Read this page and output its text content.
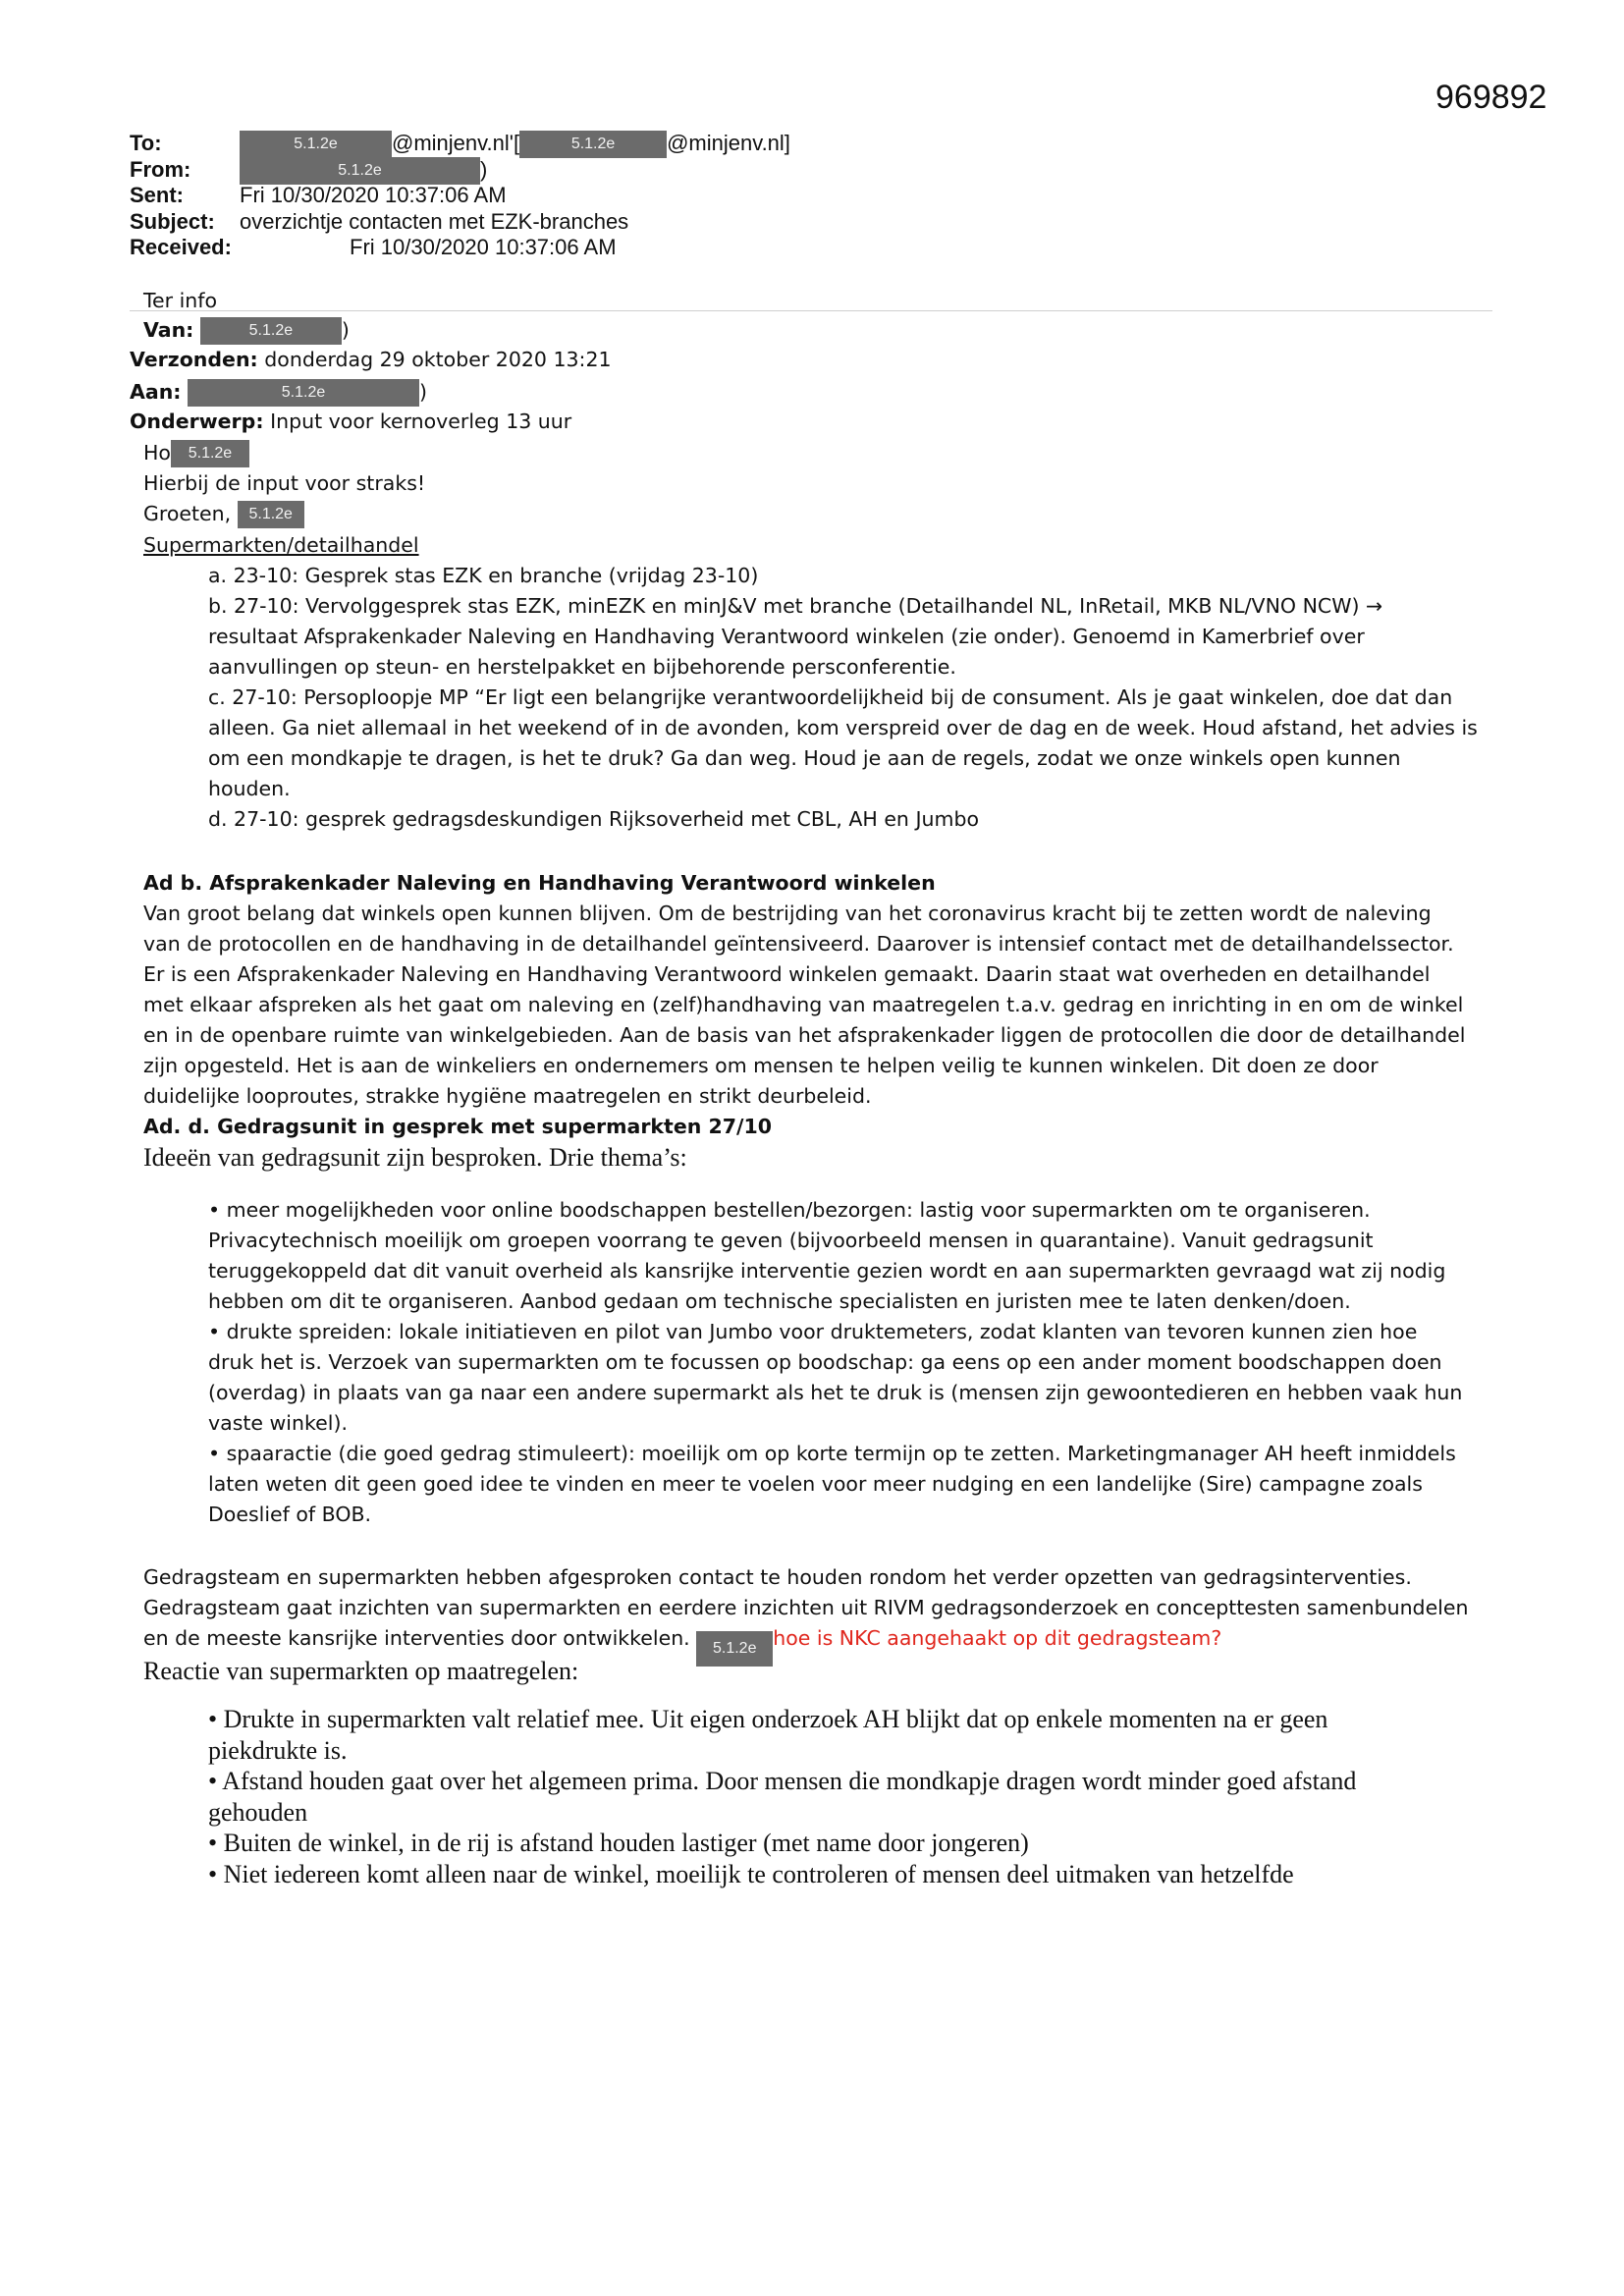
969892
To:	5.1.2e	@minjenv.nl'[	5.1.2e @minjenv.nl]
From:	5.1.2e	)
Sent:	Fri 10/30/2020 10:37:06 AM
Subject: overzichtje contacten met EZK-branches
Received:	Fri 10/30/2020 10:37:06 AM
Ter info
Van:	5.1.2e )
Verzonden: donderdag 29 oktober 2020 13:21
Aan:	5.1.2e	)
Onderwerp: Input voor kernoverleg 13 uur
Ho 5.1.2e
Hierbij de input voor straks!
Groeten, 5.1.2e
Supermarkten/detailhandel
a. 23-10: Gesprek stas EZK en branche (vrijdag 23-10)
b. 27-10: Vervolggesprek stas EZK, minEZK en minJ&V met branche (Detailhandel NL, InRetail, MKB NL/VNO NCW) →
resultaat Afsprakenkader Naleving en Handhaving Verantwoord winkelen (zie onder). Genoemd in Kamerbrief over
aanvullingen op steun- en herstelpakket en bijbehorende persconferentie.
c. 27-10: Persoploopje MP “Er ligt een belangrijke verantwoordelijkheid bij de consument. Als je gaat winkelen, doe dat dan
alleen. Ga niet allemaal in het weekend of in de avonden, kom verspreid over de dag en de week. Houd afstand, het advies is
om een mondkapje te dragen, is het te druk? Ga dan weg. Houd je aan de regels, zodat we onze winkels open kunnen
houden.
d. 27-10: gesprek gedragsdeskundigen Rijksoverheid met CBL, AH en Jumbo
Ad b. Afsprakenkader Naleving en Handhaving Verantwoord winkelen
Van groot belang dat winkels open kunnen blijven. Om de bestrijding van het coronavirus kracht bij te zetten wordt de naleving
van de protocollen en de handhaving in de detailhandel geïntensiveerd. Daarover is intensief contact met de detailhandelssector.
Er is een Afsprakenkader Naleving en Handhaving Verantwoord winkelen gemaakt. Daarin staat wat overheden en detailhandel
met elkaar afspreken als het gaat om naleving en (zelf)handhaving van maatregelen t.a.v. gedrag en inrichting in en om de winkel
en in de openbare ruimte van winkelgebieden. Aan de basis van het afsprakenkader liggen de protocollen die door de detailhandel
zijn opgesteld. Het is aan de winkeliers en ondernemers om mensen te helpen veilig te kunnen winkelen. Dit doen ze door
duidelijke looproutes, strakke hygiëne maatregelen en strikt deurbeleid.
Ad. d. Gedragsunit in gesprek met supermarkten 27/10
Ideeën van gedragsunit zijn besproken. Drie thema’s:
• meer mogelijkheden voor online boodschappen bestellen/bezorgen: lastig voor supermarkten om te organiseren.
Privacytechnisch moeilijk om groepen voorrang te geven (bijvoorbeeld mensen in quarantaine). Vanuit gedragsunit
teruggekoppeld dat dit vanuit overheid als kansrijke interventie gezien wordt en aan supermarkten gevraagd wat zij nodig
hebben om dit te organiseren. Aanbod gedaan om technische specialisten en juristen mee te laten denken/doen.
• drukte spreiden: lokale initiatieven en pilot van Jumbo voor druktemeters, zodat klanten van tevoren kunnen zien hoe
druk het is. Verzoek van supermarkten om te focussen op boodschap: ga eens op een ander moment boodschappen doen
(overdag) in plaats van ga naar een andere supermarkt als het te druk is (mensen zijn gewoontedieren en hebben vaak hun
vaste winkel).
• spaaractie (die goed gedrag stimuleert): moeilijk om op korte termijn op te zetten. Marketingmanager AH heeft inmiddels
laten weten dit geen goed idee te vinden en meer te voelen voor meer nudging en een landelijke (Sire) campagne zoals
Doeslief of BOB.
Gedragsteam en supermarkten hebben afgesproken contact te houden rondom het verder opzetten van gedragsinterventies.
Gedragsteam gaat inzichten van supermarkten en eerdere inzichten uit RIVM gedragsonderzoek en concepttesten samenbundelen
en de meeste kansrijke interventies door ontwikkelen. 5.1.2e hoe is NKC aangehaakt op dit gedragsteam?
Reactie van supermarkten op maatregelen:
• Drukte in supermarkten valt relatief mee. Uit eigen onderzoek AH blijkt dat op enkele momenten na er geen
piekdrukte is.
• Afstand houden gaat over het algemeen prima. Door mensen die mondkapje dragen wordt minder goed afstand
gehouden
• Buiten de winkel, in de rij is afstand houden lastiger (met name door jongeren)
• Niet iedereen komt alleen naar de winkel, moeilijk te controleren of mensen deel uitmaken van hetzelfde
